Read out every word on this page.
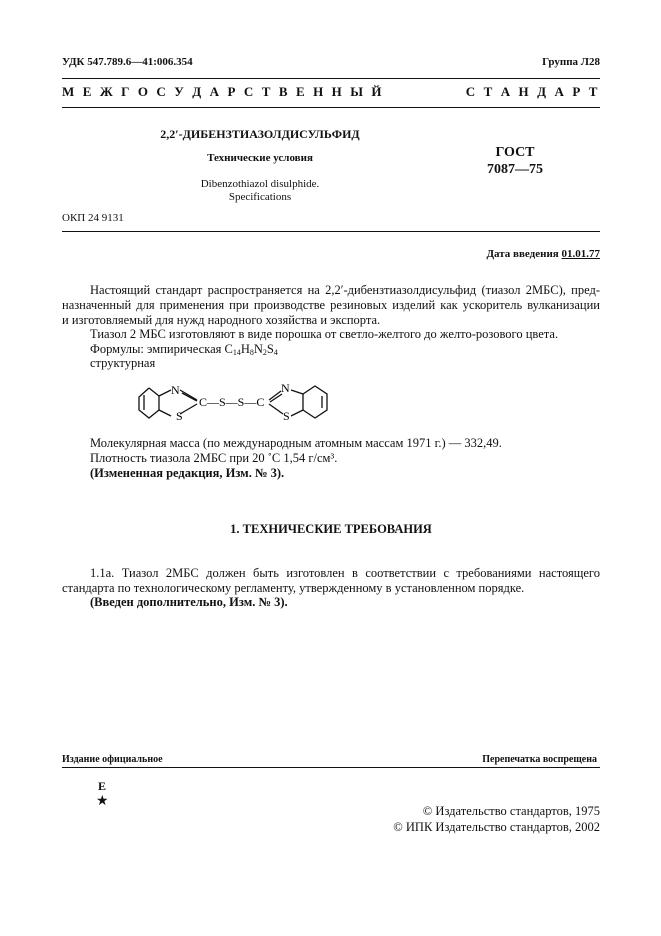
УДК 547.789.6—41:006.354	Группа Л28
М Е Ж Г О С У Д А Р С Т В Е Н Н Ы Й	С Т А Н Д А Р Т
2,2′-ДИБЕНЗТИАЗОЛДИСУЛЬФИД
Технические условия
Dibenzothiazol disulphide.
Specifications
ГОСТ
7087—75
ОКП 24 9131
Дата введения 01.01.77
Настоящий стандарт распространяется на 2,2′-дибензтиазолдисульфид (тиазол 2МБС), пред-
назначенный для применения при производстве резиновых изделий как ускоритель вулканизации
и изготовляемый для нужд народного хозяйства и экспорта.
Тиазол 2 МБС изготовляют в виде порошка от светло-желтого до желто-розового цвета.
Формулы: эмпирическая $C_{14}H_8N_2S_4$
структурная
N
S
C—S—S—C
N
S
Молекулярная масса (по международным атомным массам 1971 г.) — 332,49.
Плотность тиазола 2МБС при 20 ˚С 1,54 г/см³.
(Измененная редакция, Изм. № 3).
1. ТЕХНИЧЕСКИЕ ТРЕБОВАНИЯ
1.1а. Тиазол 2МБС должен быть изготовлен в соответствии с требованиями настоящего
стандарта по технологическому регламенту, утвержденному в установленном порядке.
(Введен дополнительно, Изм. № 3).
Издание официальное	Перепечатка воспрещена
E
★
© Издательство стандартов, 1975
© ИПК Издательство стандартов, 2002
